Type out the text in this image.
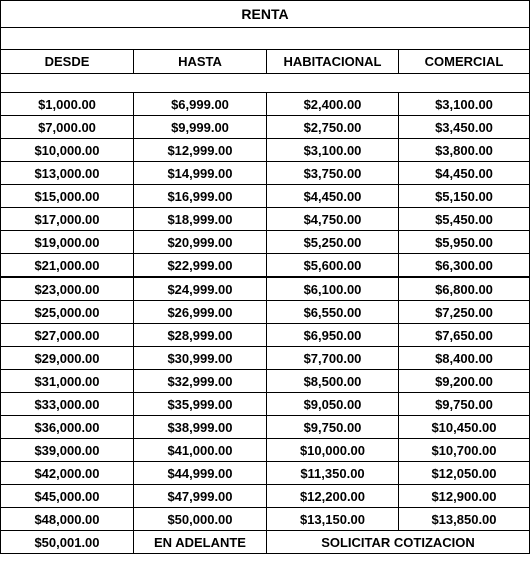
RENTA			

DESDE	HASTA	HABITACIONAL	COMERCIAL

$1,000.00	$6,999.00	$2,400.00	$3,100.00
$7,000.00	$9,999.00	$2,750.00	$3,450.00
$10,000.00	$12,999.00	$3,100.00	$3,800.00
$13,000.00	$14,999.00	$3,750.00	$4,450.00
$15,000.00	$16,999.00	$4,450.00	$5,150.00
$17,000.00	$18,999.00	$4,750.00	$5,450.00
$19,000.00	$20,999.00	$5,250.00	$5,950.00
$21,000.00	$22,999.00	$5,600.00	$6,300.00
$23,000.00	$24,999.00	$6,100.00	$6,800.00
$25,000.00	$26,999.00	$6,550.00	$7,250.00
$27,000.00	$28,999.00	$6,950.00	$7,650.00
$29,000.00	$30,999.00	$7,700.00	$8,400.00
$31,000.00	$32,999.00	$8,500.00	$9,200.00
$33,000.00	$35,999.00	$9,050.00	$9,750.00
$36,000.00	$38,999.00	$9,750.00	$10,450.00
$39,000.00	$41,000.00	$10,000.00	$10,700.00
$42,000.00	$44,999.00	$11,350.00	$12,050.00
$45,000.00	$47,999.00	$12,200.00	$12,900.00
$48,000.00	$50,000.00	$13,150.00	$13,850.00
$50,001.00	EN ADELANTE	SOLICITAR COTIZACION	
